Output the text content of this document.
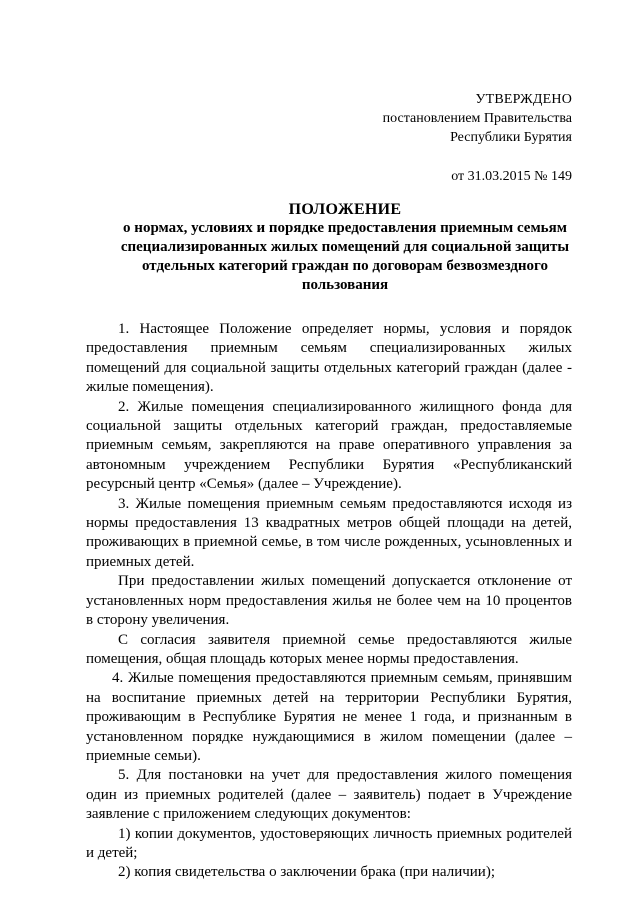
УТВЕРЖДЕНО
постановлением Правительства
Республики Бурятия
от 31.03.2015 № 149
ПОЛОЖЕНИЕ
о нормах, условиях и порядке предоставления приемным семьям специализированных жилых помещений для социальной защиты отдельных категорий граждан по договорам безвозмездного пользования

1. Настоящее Положение определяет нормы, условия и порядок предоставления приемным семьям специализированных жилых помещений для социальной защиты отдельных категорий граждан (далее - жилые помещения).

2. Жилые помещения специализированного жилищного фонда для социальной защиты отдельных категорий граждан, предоставляемые приемным семьям, закрепляются на праве оперативного управления за автономным учреждением Республики Бурятия «Республиканский ресурсный центр «Семья» (далее – Учреждение).

3. Жилые помещения приемным семьям предоставляются исходя из нормы предоставления 13 квадратных метров общей площади на детей, проживающих в приемной семье, в том числе рожденных, усыновленных и приемных детей.

При предоставлении жилых помещений допускается отклонение от установленных норм предоставления жилья не более чем на 10 процентов в сторону увеличения.

С согласия заявителя приемной семье предоставляются жилые помещения, общая площадь которых менее нормы предоставления.

4. Жилые помещения предоставляются приемным семьям, принявшим на воспитание приемных детей на территории Республики Бурятия, проживающим в Республике Бурятия не менее 1 года, и признанным в установленном порядке нуждающимися в жилом помещении (далее – приемные семьи).

5. Для постановки на учет для предоставления жилого помещения один из приемных родителей (далее – заявитель) подает в Учреждение заявление с приложением следующих документов:

1) копии документов, удостоверяющих личность приемных родителей и детей;

2) копия свидетельства о заключении брака (при наличии);
